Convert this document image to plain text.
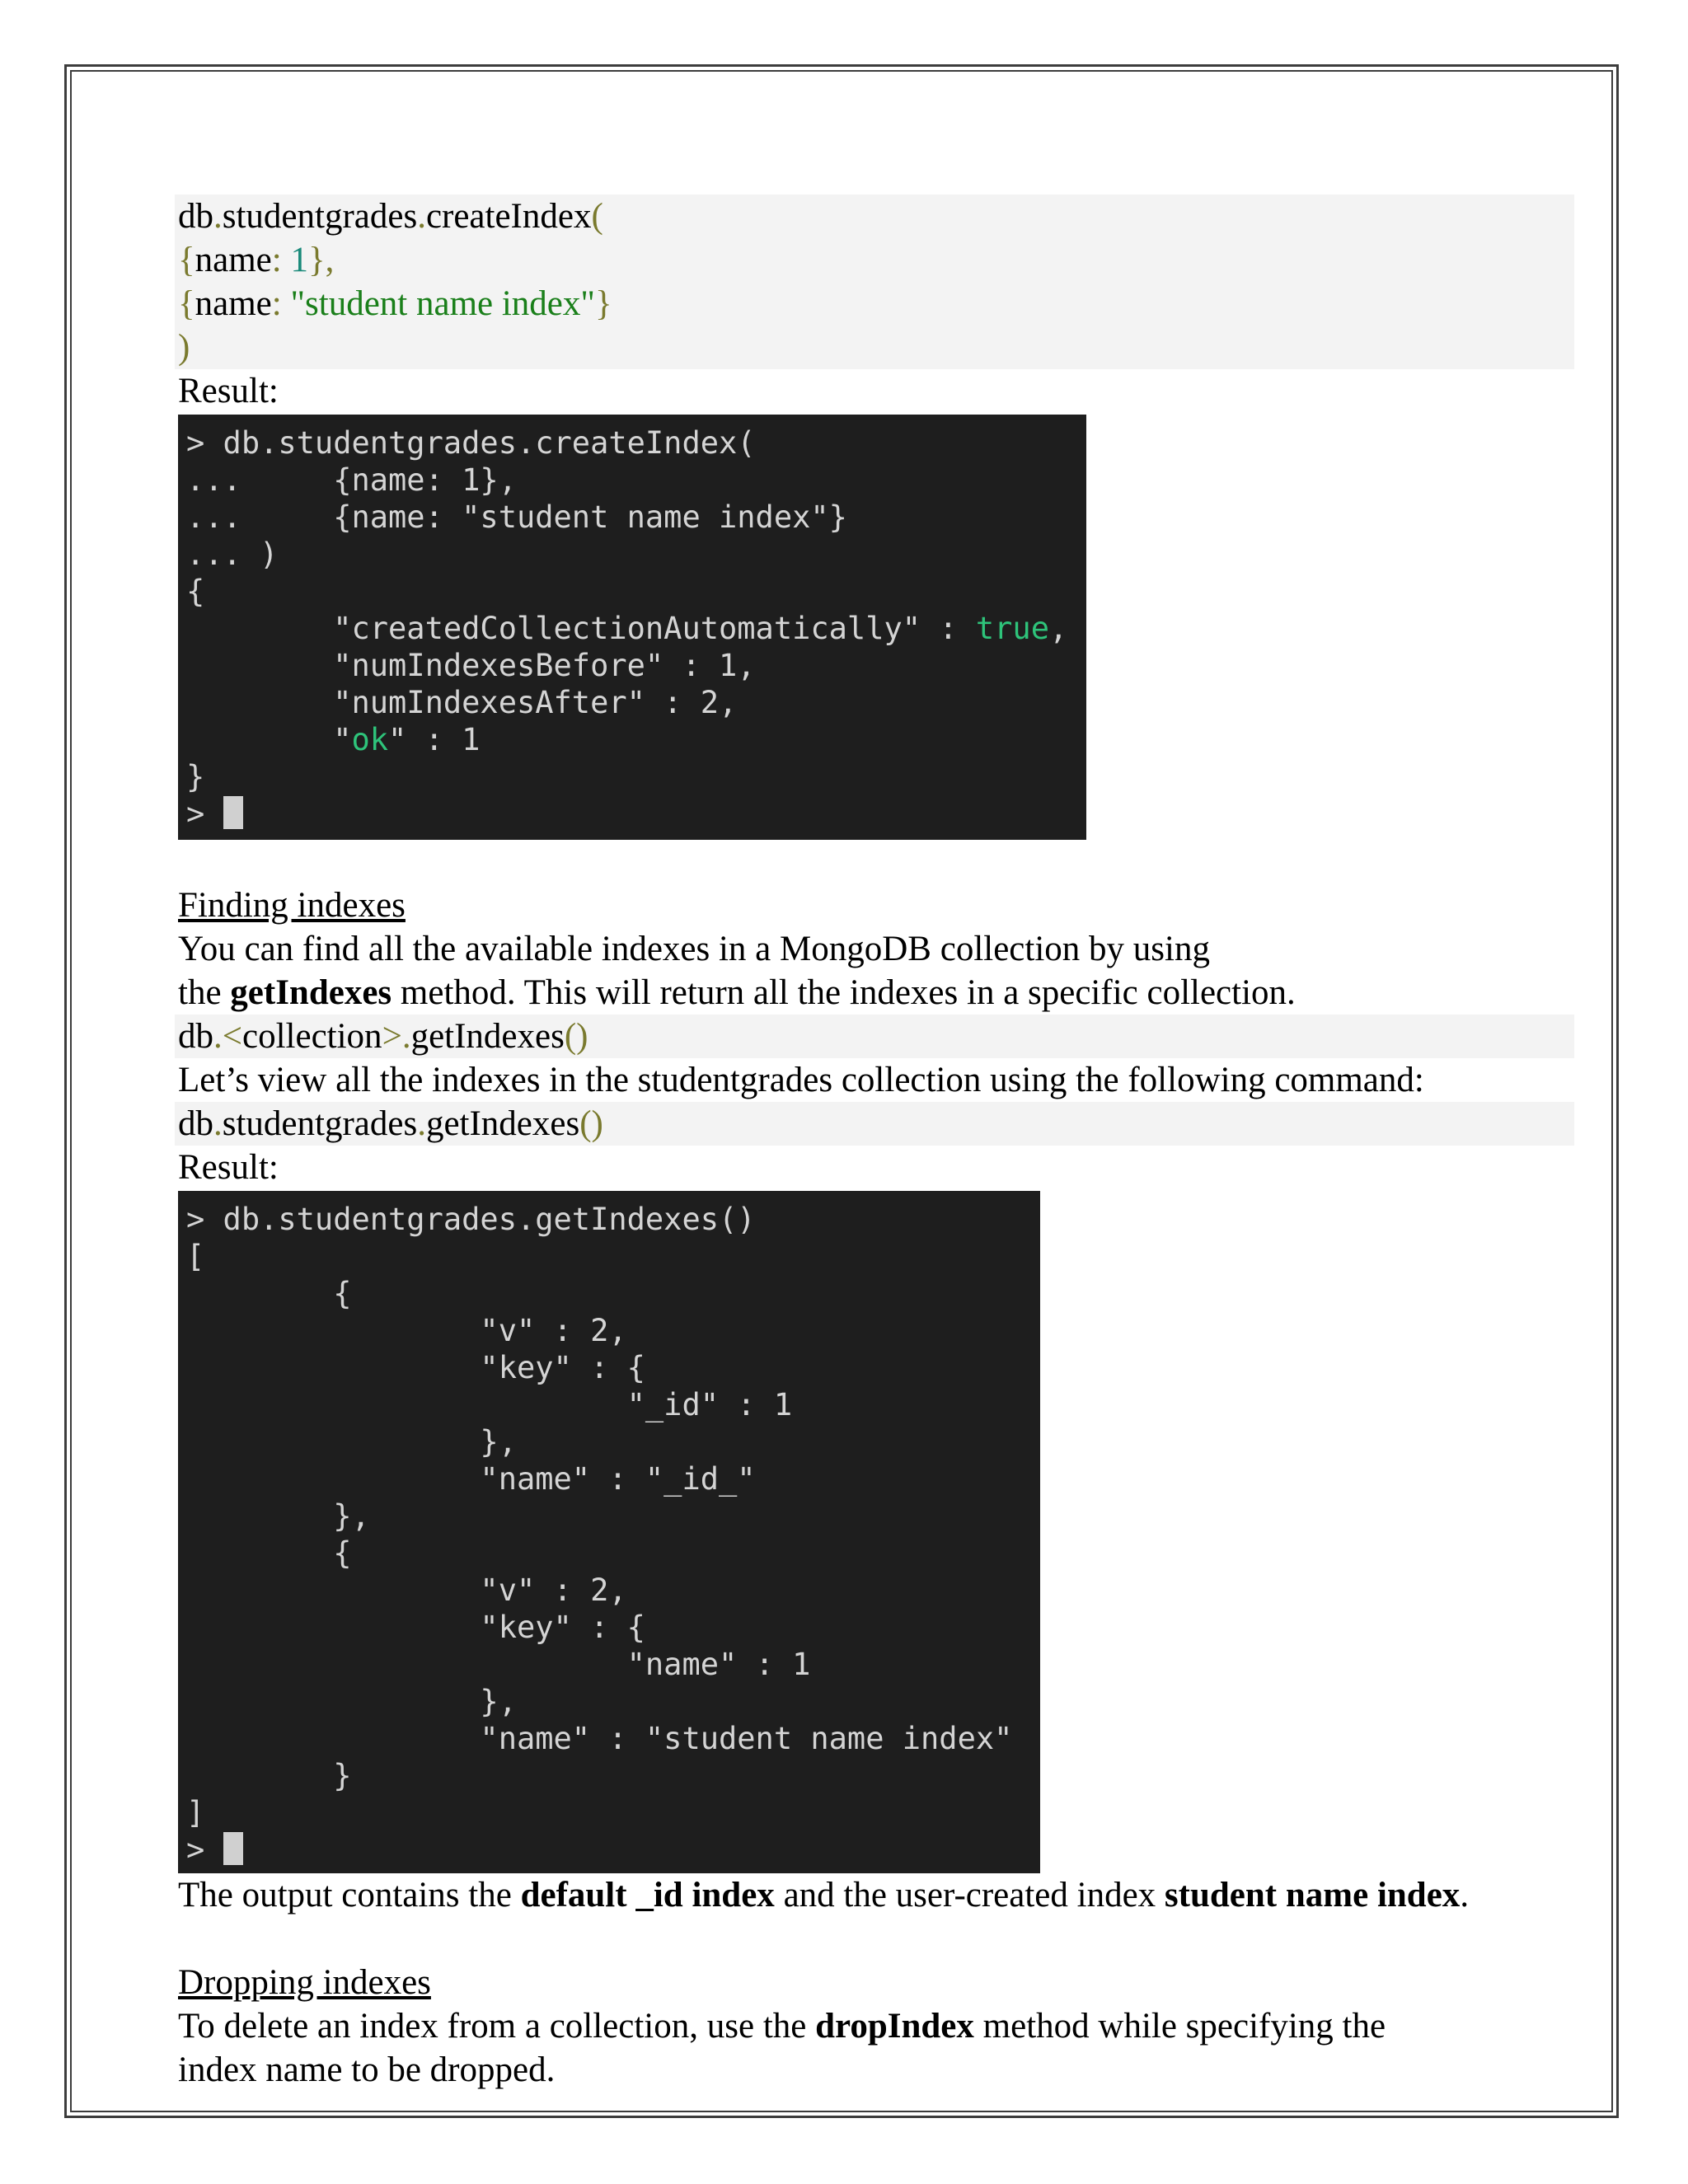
db.studentgrades.createIndex(
{name: 1},
{name: "student name index"}
)
Result:
> db.studentgrades.createIndex(
...     {name: 1},
...     {name: "student name index"}
... )
{
"createdCollectionAutomatically" : true,
"numIndexesBefore" : 1,
"numIndexesAfter" : 2,
"ok" : 1
}
>
Finding indexes
You can find all the available indexes in a MongoDB collection by using
the getIndexes method. This will return all the indexes in a specific collection.
db.<collection>.getIndexes()
Let’s view all the indexes in the studentgrades collection using the following command:
db.studentgrades.getIndexes()
Result:
> db.studentgrades.getIndexes()
[
{
"v" : 2,
"key" : {
"_id" : 1
},
"name" : "_id_"
},
{
"v" : 2,
"key" : {
"name" : 1
},
"name" : "student name index"
}
]
>
The output contains the default _id index and the user-created index student name index.
Dropping indexes
To delete an index from a collection, use the dropIndex method while specifying the
index name to be dropped.
